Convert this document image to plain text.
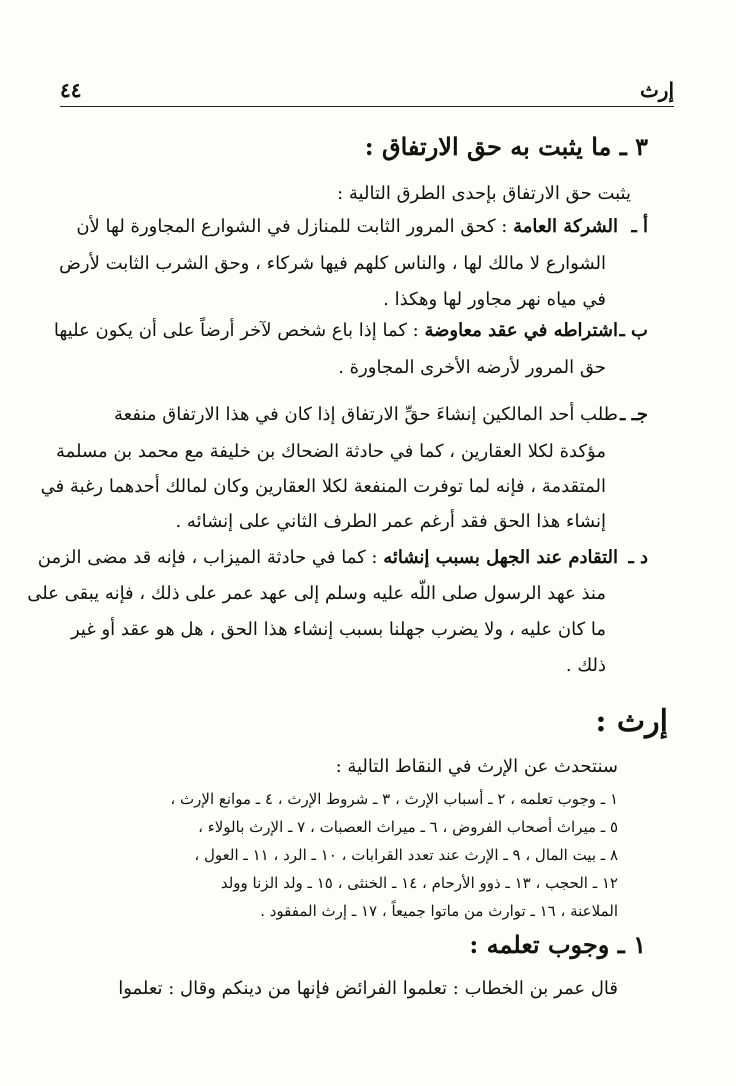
إرث
٤٤
٣ ـ ما يثبت به حق الارتفاق :
يثبت حق الارتفاق بإحدى الطرق التالية :
أ ـالشركة العامة : كحق المرور الثابت للمنازل في الشوارع المجاورة لها لأن
الشوارع لا مالك لها ، والناس كلهم فيها شركاء ، وحق الشرب الثابت لأرض
في مياه نهر مجاور لها وهكذا .
ب ـاشتراطه في عقد معاوضة : كما إذا باع شخص لآخر أرضاً على أن يكون عليها
حق المرور لأرضه الأخرى المجاورة .
جـ ـطلب أحد المالكين إنشاءَ حقِّ الارتفاق إذا كان في هذا الارتفاق منفعة
مؤكدة لكلا العقارين ، كما في حادثة الضحاك بن خليفة مع محمد بن مسلمة
المتقدمة ، فإنه لما توفرت المنفعة لكلا العقارين وكان لمالك أحدهما رغبة في
إنشاء هذا الحق فقد أرغم عمر الطرف الثاني على إنشائه .
د ـالتقادم عند الجهل بسبب إنشائه : كما في حادثة الميزاب ، فإنه قد مضى الزمن
منذ عهد الرسول صلى اللّه عليه وسلم إلى عهد عمر على ذلك ، فإنه يبقى على
ما كان عليه ، ولا يضرب جهلنا بسبب إنشاء هذا الحق ، هل هو عقد أو غير
ذلك .
إرث :
سنتحدث عن الإرث في النقاط التالية :
١ ـ وجوب تعلمه ، ٢ ـ أسباب الإرث ، ٣ ـ شروط الإرث ، ٤ ـ موانع الإرث ،
٥ ـ ميراث أصحاب الفروض ، ٦ ـ ميراث العصبات ، ٧ ـ الإرث بالولاء ،
٨ ـ بيت المال ، ٩ ـ الإرث عند تعدد القرابات ، ١٠ ـ الرد ، ١١ ـ العول ،
١٢ ـ الحجب ، ١٣ ـ ذوو الأرحام ، ١٤ ـ الخنثى ، ١٥ ـ ولد الزنا وولد
الملاعنة ، ١٦ ـ توارث من ماتوا جميعاً ، ١٧ ـ إرث المفقود .
١ ـ وجوب تعلمه :
قال عمر بن الخطاب : تعلموا الفرائض فإنها من دينكم وقال : تعلموا
